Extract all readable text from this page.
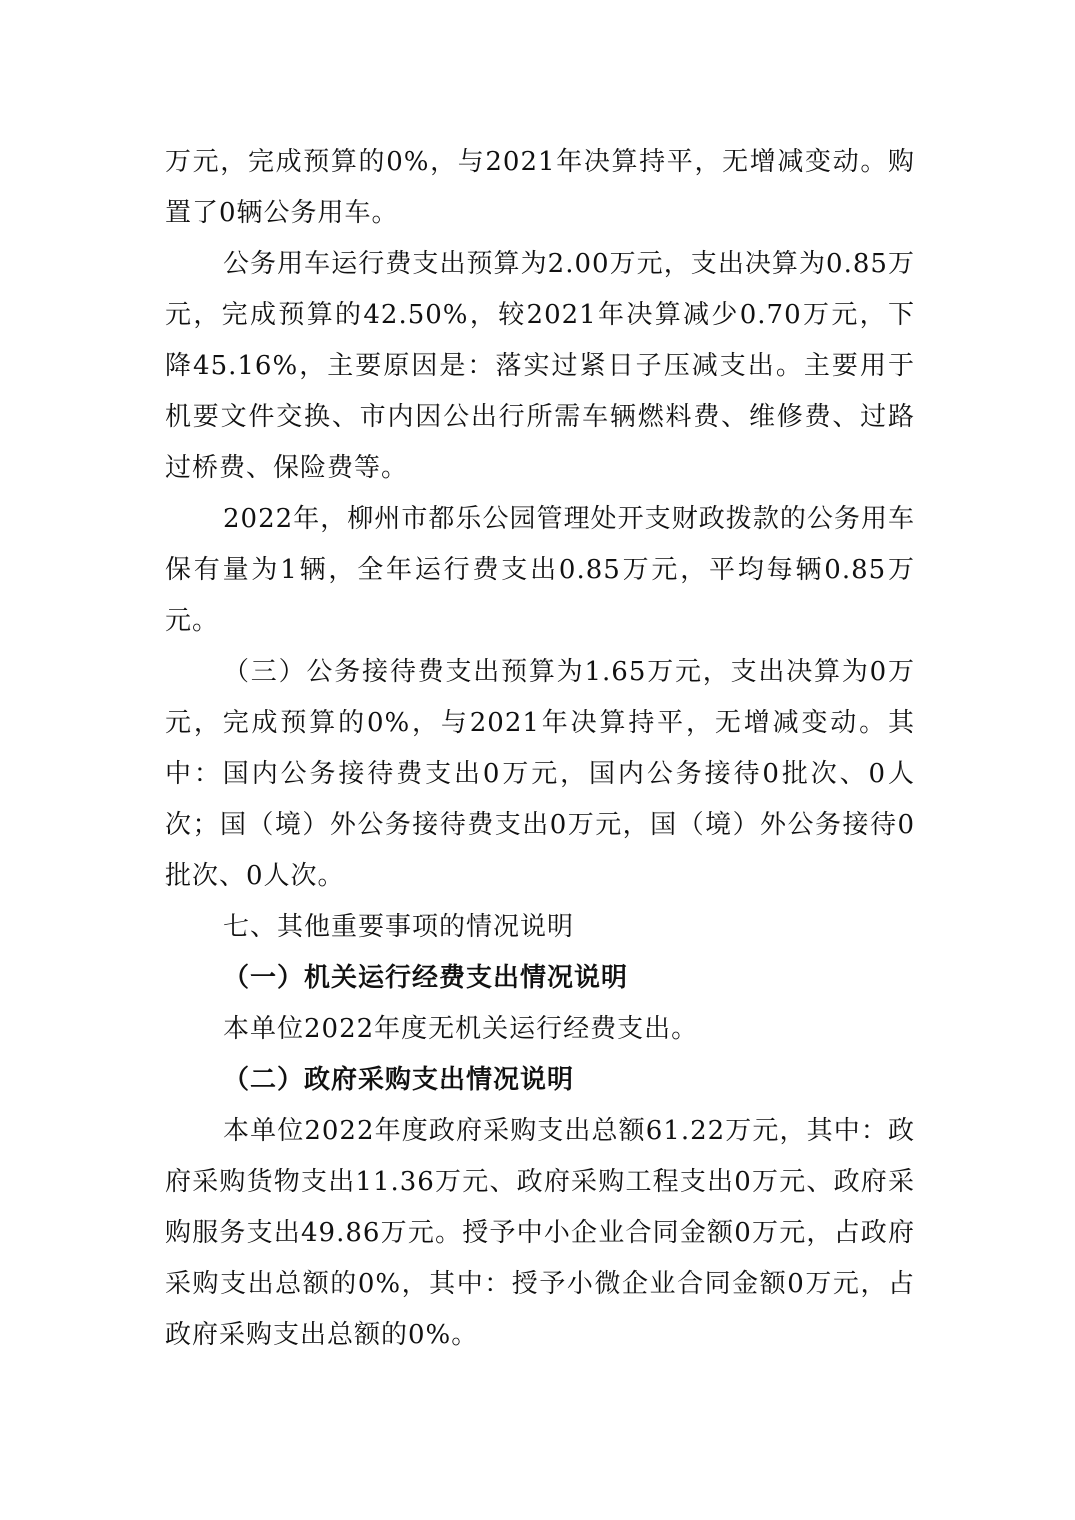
万元，完成预算的0%，与2021年决算持平，无增减变动。购置了0辆公务用车。

公务用车运行费支出预算为2.00万元，支出决算为0.85万元，完成预算的42.50%，较2021年决算减少0.70万元，下降45.16%，主要原因是：落实过紧日子压减支出。主要用于机要文件交换、市内因公出行所需车辆燃料费、维修费、过路过桥费、保险费等。

2022年，柳州市都乐公园管理处开支财政拨款的公务用车保有量为1辆，全年运行费支出0.85万元，平均每辆0.85万元。

（三）公务接待费支出预算为1.65万元，支出决算为0万元，完成预算的0%，与2021年决算持平，无增减变动。其中：国内公务接待费支出0万元，国内公务接待0批次、0人次；国（境）外公务接待费支出0万元，国（境）外公务接待0批次、0人次。

七、其他重要事项的情况说明

（一）机关运行经费支出情况说明

本单位2022年度无机关运行经费支出。

（二）政府采购支出情况说明

本单位2022年度政府采购支出总额61.22万元，其中：政府采购货物支出11.36万元、政府采购工程支出0万元、政府采购服务支出49.86万元。授予中小企业合同金额0万元，占政府采购支出总额的0%，其中：授予小微企业合同金额0万元，占政府采购支出总额的0%。
